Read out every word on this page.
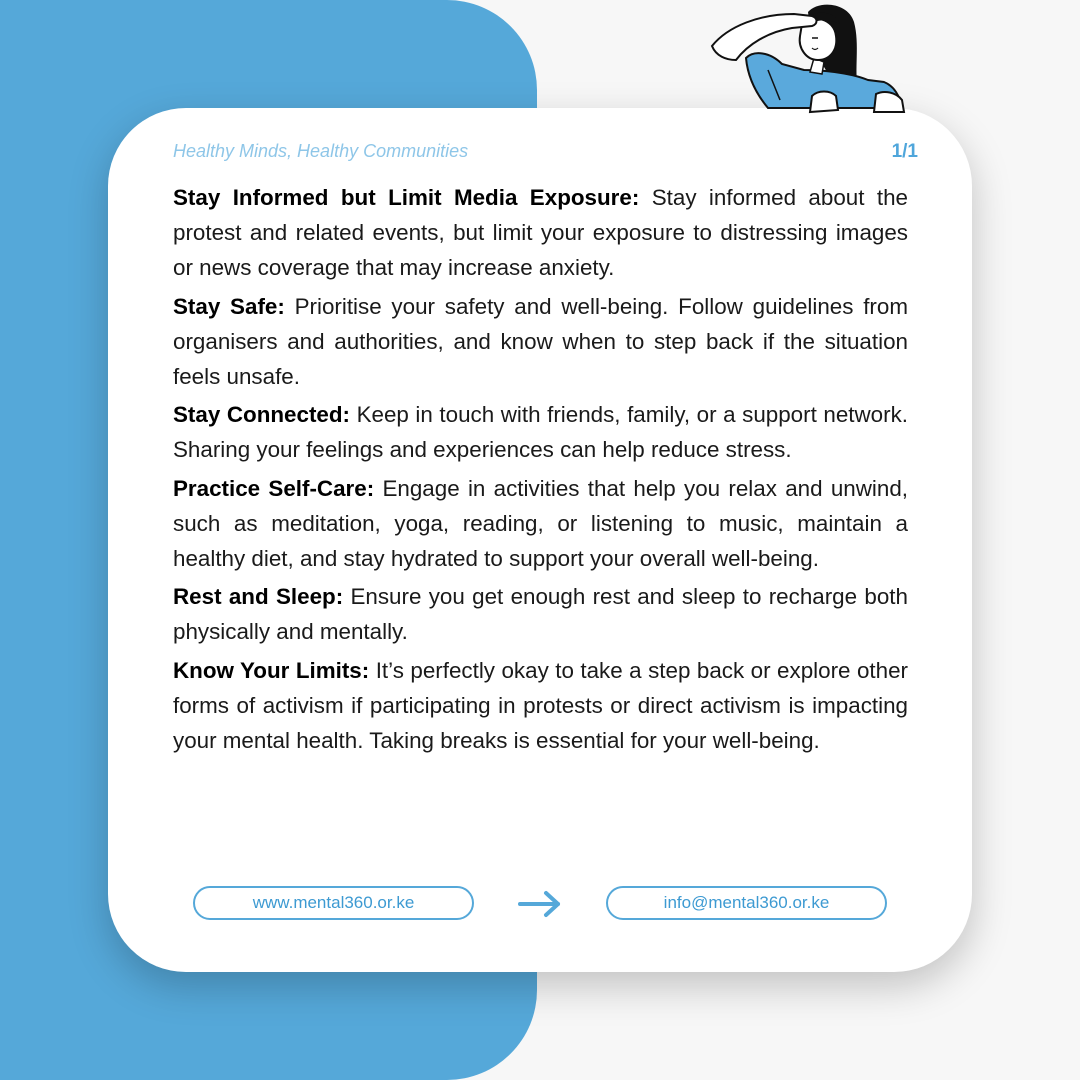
Healthy Minds, Healthy Communities	1/1

Stay Informed but Limit Media Exposure: Stay informed about the protest and related events, but limit your exposure to distressing images or news coverage that may increase anxiety.

Stay Safe: Prioritise your safety and well-being. Follow guidelines from organisers and authorities, and know when to step back if the situation feels unsafe.

Stay Connected: Keep in touch with friends, family, or a support network. Sharing your feelings and experiences can help reduce stress.

Practice Self-Care: Engage in activities that help you relax and unwind, such as meditation, yoga, reading, or listening to music, maintain a healthy diet, and stay hydrated to support your overall well-being.

Rest and Sleep: Ensure you get enough rest and sleep to recharge both physically and mentally.

Know Your Limits: It’s perfectly okay to take a step back or explore other forms of activism if participating in protests or direct activism is impacting your mental health. Taking breaks is essential for your well-being.

www.mental360.or.ke	info@mental360.or.ke
